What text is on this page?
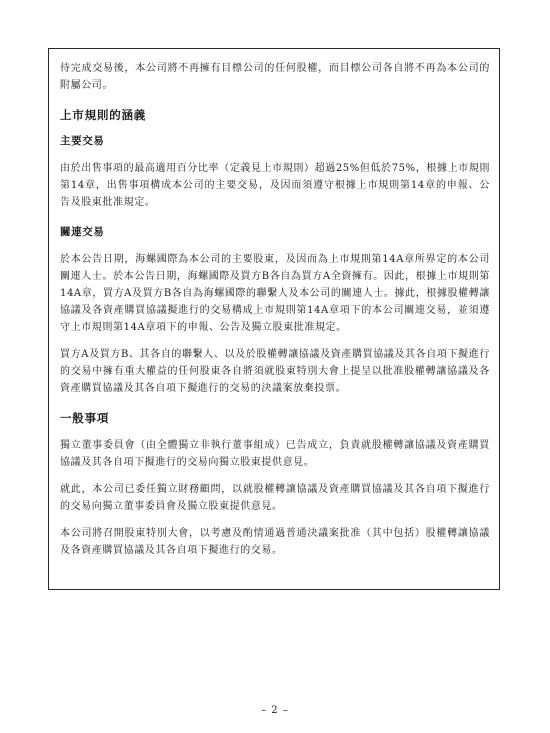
待完成交易後，本公司將不再擁有目標公司的任何股權，而目標公司各自將不再為本公司的附屬公司。

上市規則的涵義
主要交易

由於出售事項的最高適用百分比率（定義見上市規則）超過25%但低於75%，根據上市規則第14章，出售事項構成本公司的主要交易，及因而須遵守根據上市規則第14章的申報、公告及股東批准規定。

關連交易

於本公告日期，海螺國際為本公司的主要股東，及因而為上市規則第14A章所界定的本公司關連人士。於本公告日期，海螺國際及買方B各自為買方A全資擁有。因此，根據上市規則第14A章，買方A及買方B各自為海螺國際的聯繫人及本公司的關連人士。據此，根據股權轉讓協議及各資產購買協議擬進行的交易構成上市規則第14A章項下的本公司關連交易，並須遵守上市規則第14A章項下的申報、公告及獨立股東批准規定。

買方A及買方B、其各自的聯繫人、以及於股權轉讓協議及資產購買協議及其各自項下擬進行的交易中擁有重大權益的任何股東各自將須就股東特別大會上提呈以批准股權轉讓協議及各資產購買協議及其各自項下擬進行的交易的決議案放棄投票。

一般事項

獨立董事委員會（由全體獨立非執行董事組成）已告成立，負責就股權轉讓協議及資產購買協議及其各自項下擬進行的交易向獨立股東提供意見。

就此，本公司已委任獨立財務顧問，以就股權轉讓協議及資產購買協議及其各自項下擬進行的交易向獨立董事委員會及獨立股東提供意見。

本公司將召開股東特別大會，以考慮及酌情通過普通決議案批准（其中包括）股權轉讓協議及各資產購買協議及其各自項下擬進行的交易。

– 2 –
